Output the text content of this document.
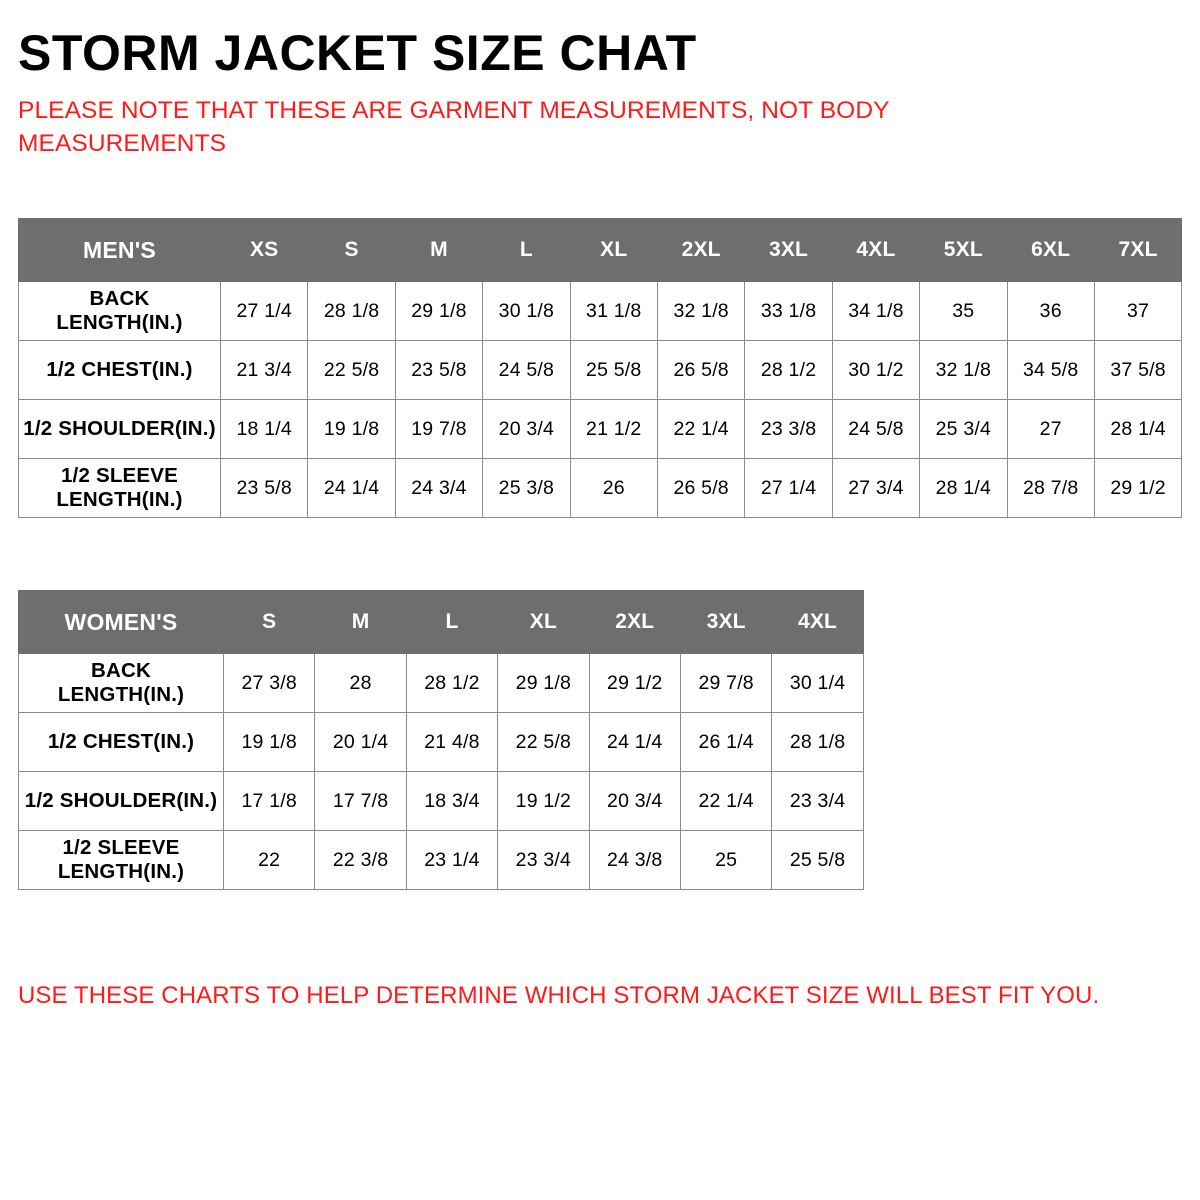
STORM JACKET SIZE CHAT

PLEASE NOTE THAT THESE ARE GARMENT MEASUREMENTS, NOT BODY MEASUREMENTS

MEN'S	XS	S	M	L	XL	2XL	3XL	4XL	5XL	6XL	7XL
BACK
LENGTH(IN.)	27 1/4	28 1/8	29 1/8	30 1/8	31 1/8	32 1/8	33 1/8	34 1/8	35	36	37
1/2 CHEST(IN.)	21 3/4	22 5/8	23 5/8	24 5/8	25 5/8	26 5/8	28 1/2	30 1/2	32 1/8	34 5/8	37 5/8
1/2 SHOULDER(IN.)	18 1/4	19 1/8	19 7/8	20 3/4	21 1/2	22 1/4	23 3/8	24 5/8	25 3/4	27	28 1/4
1/2 SLEEVE
LENGTH(IN.)	23 5/8	24 1/4	24 3/4	25 3/8	26	26 5/8	27 1/4	27 3/4	28 1/4	28 7/8	29 1/2
WOMEN'S	S	M	L	XL	2XL	3XL	4XL
BACK
LENGTH(IN.)	27 3/8	28	28 1/2	29 1/8	29 1/2	29 7/8	30 1/4
1/2 CHEST(IN.)	19 1/8	20 1/4	21 4/8	22 5/8	24 1/4	26 1/4	28 1/8
1/2 SHOULDER(IN.)	17 1/8	17 7/8	18 3/4	19 1/2	20 3/4	22 1/4	23 3/4
1/2 SLEEVE
LENGTH(IN.)	22	22 3/8	23 1/4	23 3/4	24 3/8	25	25 5/8

USE THESE CHARTS TO HELP DETERMINE WHICH STORM JACKET SIZE WILL BEST FIT YOU.
